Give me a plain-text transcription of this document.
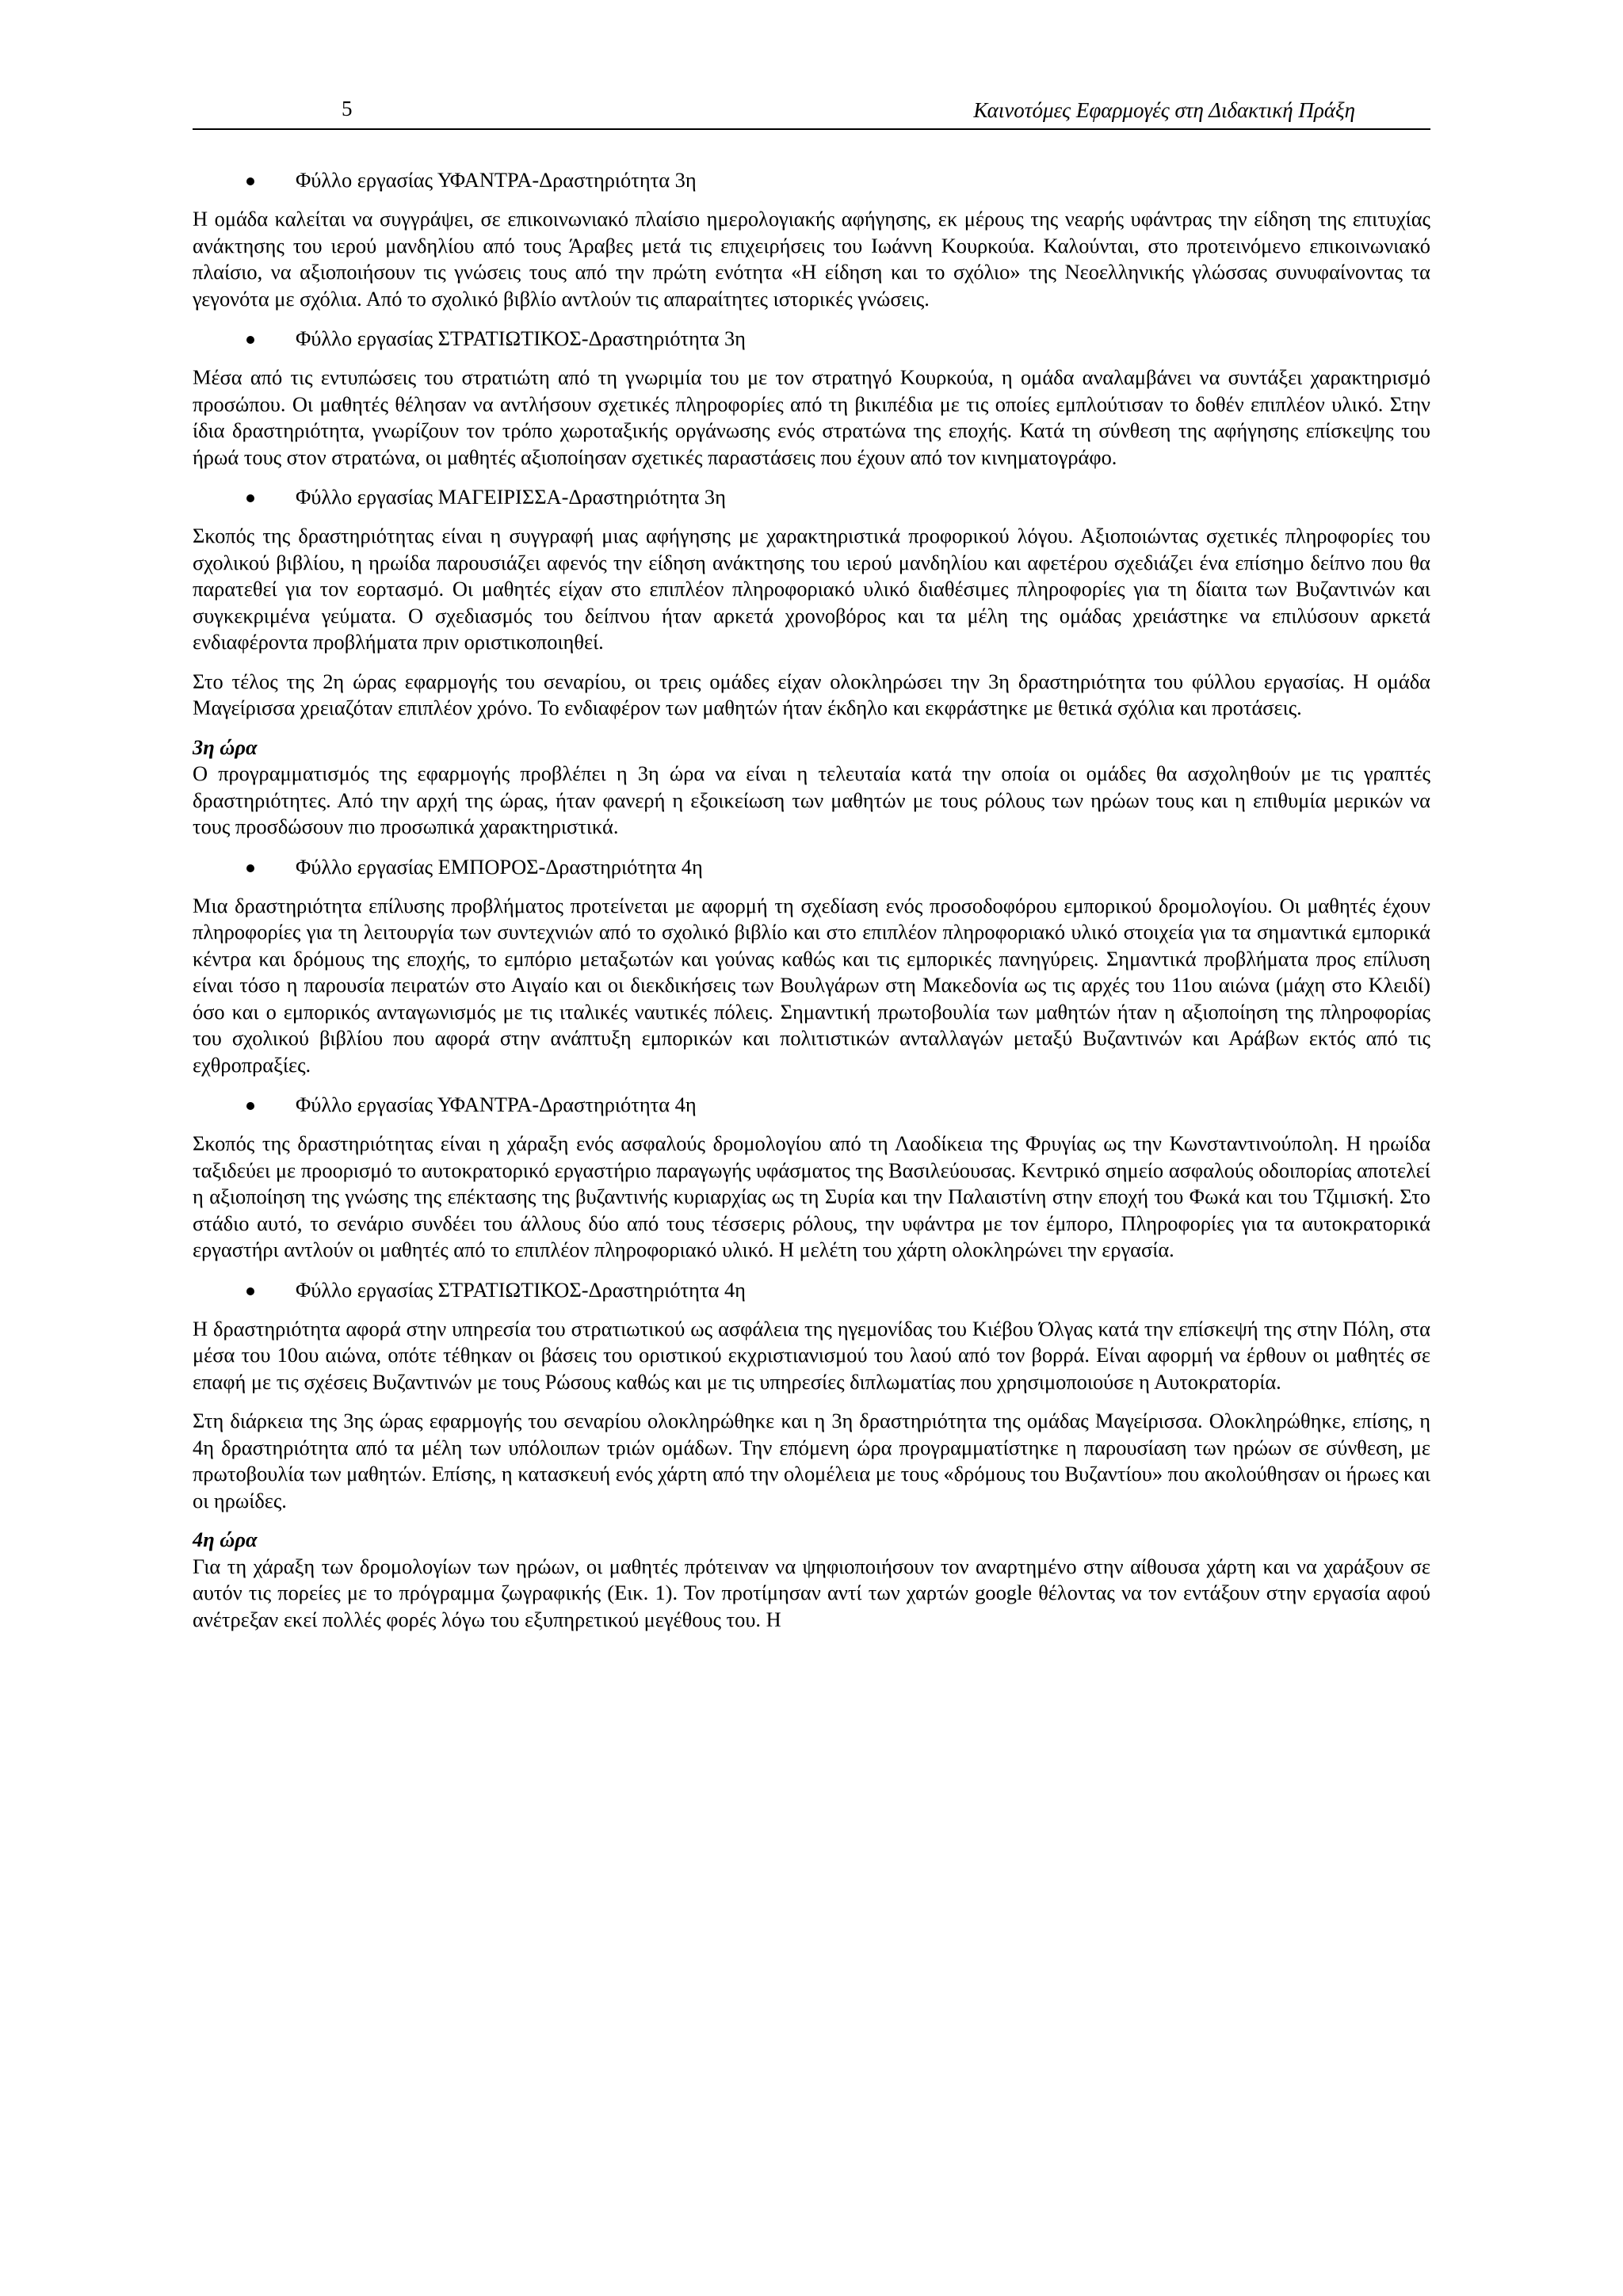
5	Καινοτόμες Εφαρμογές στη Διδακτική Πράξη
Φύλλο εργασίας ΥΦΑΝΤΡΑ-Δραστηριότητα 3η

Η ομάδα καλείται να συγγράψει, σε επικοινωνιακό πλαίσιο ημερολογιακής αφήγησης, εκ μέρους της νεαρής υφάντρας την είδηση της επιτυχίας ανάκτησης του ιερού μανδηλίου από τους Άραβες μετά τις επιχειρήσεις του Ιωάννη Κουρκούα. Καλούνται, στο προτεινόμενο επικοινωνιακό πλαίσιο, να αξιοποιήσουν τις γνώσεις τους από την πρώτη ενότητα «Η είδηση και το σχόλιο» της Νεοελληνικής γλώσσας συνυφαίνοντας τα γεγονότα με σχόλια. Από το σχολικό βιβλίο αντλούν τις απαραίτητες ιστορικές γνώσεις.

Φύλλο εργασίας ΣΤΡΑΤΙΩΤΙΚΟΣ-Δραστηριότητα 3η

Μέσα από τις εντυπώσεις του στρατιώτη από τη γνωριμία του με τον στρατηγό Κουρκούα, η ομάδα αναλαμβάνει να συντάξει χαρακτηρισμό προσώπου. Οι μαθητές θέλησαν να αντλήσουν σχετικές πληροφορίες από τη βικιπέδια με τις οποίες εμπλούτισαν το δοθέν επιπλέον υλικό. Στην ίδια δραστηριότητα, γνωρίζουν τον τρόπο χωροταξικής οργάνωσης ενός στρατώνα της εποχής. Κατά τη σύνθεση της αφήγησης επίσκεψης του ήρωά τους στον στρατώνα, οι μαθητές αξιοποίησαν σχετικές παραστάσεις που έχουν από τον κινηματογράφο.

Φύλλο εργασίας ΜΑΓΕΙΡΙΣΣΑ-Δραστηριότητα 3η

Σκοπός της δραστηριότητας είναι η συγγραφή μιας αφήγησης με χαρακτηριστικά προφορικού λόγου. Αξιοποιώντας σχετικές πληροφορίες του σχολικού βιβλίου, η ηρωίδα παρουσιάζει αφενός την είδηση ανάκτησης του ιερού μανδηλίου και αφετέρου σχεδιάζει ένα επίσημο δείπνο που θα παρατεθεί για τον εορτασμό. Οι μαθητές είχαν στο επιπλέον πληροφοριακό υλικό διαθέσιμες πληροφορίες για τη δίαιτα των Βυζαντινών και συγκεκριμένα γεύματα. Ο σχεδιασμός του δείπνου ήταν αρκετά χρονοβόρος και τα μέλη της ομάδας χρειάστηκε να επιλύσουν αρκετά ενδιαφέροντα προβλήματα πριν οριστικοποιηθεί.

Στο τέλος της 2η ώρας εφαρμογής του σεναρίου, οι τρεις ομάδες είχαν ολοκληρώσει την 3η δραστηριότητα του φύλλου εργασίας. Η ομάδα Μαγείρισσα χρειαζόταν επιπλέον χρόνο. Το ενδιαφέρον των μαθητών ήταν έκδηλο και εκφράστηκε με θετικά σχόλια και προτάσεις.

3η ώρα

Ο προγραμματισμός της εφαρμογής προβλέπει η 3η ώρα να είναι η τελευταία κατά την οποία οι ομάδες θα ασχοληθούν με τις γραπτές δραστηριότητες. Από την αρχή της ώρας, ήταν φανερή η εξοικείωση των μαθητών με τους ρόλους των ηρώων τους και η επιθυμία μερικών να τους προσδώσουν πιο προσωπικά χαρακτηριστικά.

Φύλλο εργασίας ΕΜΠΟΡΟΣ-Δραστηριότητα 4η

Μια δραστηριότητα επίλυσης προβλήματος προτείνεται με αφορμή τη σχεδίαση ενός προσοδοφόρου εμπορικού δρομολογίου. Οι μαθητές έχουν πληροφορίες για τη λειτουργία των συντεχνιών από το σχολικό βιβλίο και στο επιπλέον πληροφοριακό υλικό στοιχεία για τα σημαντικά εμπορικά κέντρα και δρόμους της εποχής, το εμπόριο μεταξωτών και γούνας καθώς και τις εμπορικές πανηγύρεις. Σημαντικά προβλήματα προς επίλυση είναι τόσο η παρουσία πειρατών στο Αιγαίο και οι διεκδικήσεις των Βουλγάρων στη Μακεδονία ως τις αρχές του 11ου αιώνα (μάχη στο Κλειδί) όσο και ο εμπορικός ανταγωνισμός με τις ιταλικές ναυτικές πόλεις. Σημαντική πρωτοβουλία των μαθητών ήταν η αξιοποίηση της πληροφορίας του σχολικού βιβλίου που αφορά στην ανάπτυξη εμπορικών και πολιτιστικών ανταλλαγών μεταξύ Βυζαντινών και Αράβων εκτός από τις εχθροπραξίες.

Φύλλο εργασίας ΥΦΑΝΤΡΑ-Δραστηριότητα 4η

Σκοπός της δραστηριότητας είναι η χάραξη ενός ασφαλούς δρομολογίου από τη Λαοδίκεια της Φρυγίας ως την Κωνσταντινούπολη. Η ηρωίδα ταξιδεύει με προορισμό το αυτοκρατορικό εργαστήριο παραγωγής υφάσματος της Βασιλεύουσας. Κεντρικό σημείο ασφαλούς οδοιπορίας αποτελεί η αξιοποίηση της γνώσης της επέκτασης της βυζαντινής κυριαρχίας ως τη Συρία και την Παλαιστίνη στην εποχή του Φωκά και του Τζιμισκή. Στο στάδιο αυτό, το σενάριο συνδέει του άλλους δύο από τους τέσσερις ρόλους, την υφάντρα με τον έμπορο, Πληροφορίες για τα αυτοκρατορικά εργαστήρι αντλούν οι μαθητές από το επιπλέον πληροφοριακό υλικό. Η μελέτη του χάρτη ολοκληρώνει την εργασία.

Φύλλο εργασίας ΣΤΡΑΤΙΩΤΙΚΟΣ-Δραστηριότητα 4η

Η δραστηριότητα αφορά στην υπηρεσία του στρατιωτικού ως ασφάλεια της ηγεμονίδας του Κιέβου Όλγας κατά την επίσκεψή της στην Πόλη, στα μέσα του 10ου αιώνα, οπότε τέθηκαν οι βάσεις του οριστικού εκχριστιανισμού του λαού από τον βορρά. Είναι αφορμή να έρθουν οι μαθητές σε επαφή με τις σχέσεις Βυζαντινών με τους Ρώσους καθώς και με τις υπηρεσίες διπλωματίας που χρησιμοποιούσε η Αυτοκρατορία.

Στη διάρκεια της 3ης ώρας εφαρμογής του σεναρίου ολοκληρώθηκε και η 3η δραστηριότητα της ομάδας Μαγείρισσα. Ολοκληρώθηκε, επίσης, η 4η δραστηριότητα από τα μέλη των υπόλοιπων τριών ομάδων. Την επόμενη ώρα προγραμματίστηκε η παρουσίαση των ηρώων σε σύνθεση, με πρωτοβουλία των μαθητών. Επίσης, η κατασκευή ενός χάρτη από την ολομέλεια με τους «δρόμους του Βυζαντίου» που ακολούθησαν οι ήρωες και οι ηρωίδες.

4η ώρα

Για τη χάραξη των δρομολογίων των ηρώων, οι μαθητές πρότειναν να ψηφιοποιήσουν τον αναρτημένο στην αίθουσα χάρτη και να χαράξουν σε αυτόν τις πορείες με το πρόγραμμα ζωγραφικής (Εικ. 1). Τον προτίμησαν αντί των χαρτών google θέλοντας να τον εντάξουν στην εργασία αφού ανέτρεξαν εκεί πολλές φορές λόγω του εξυπηρετικού μεγέθους του. Η
